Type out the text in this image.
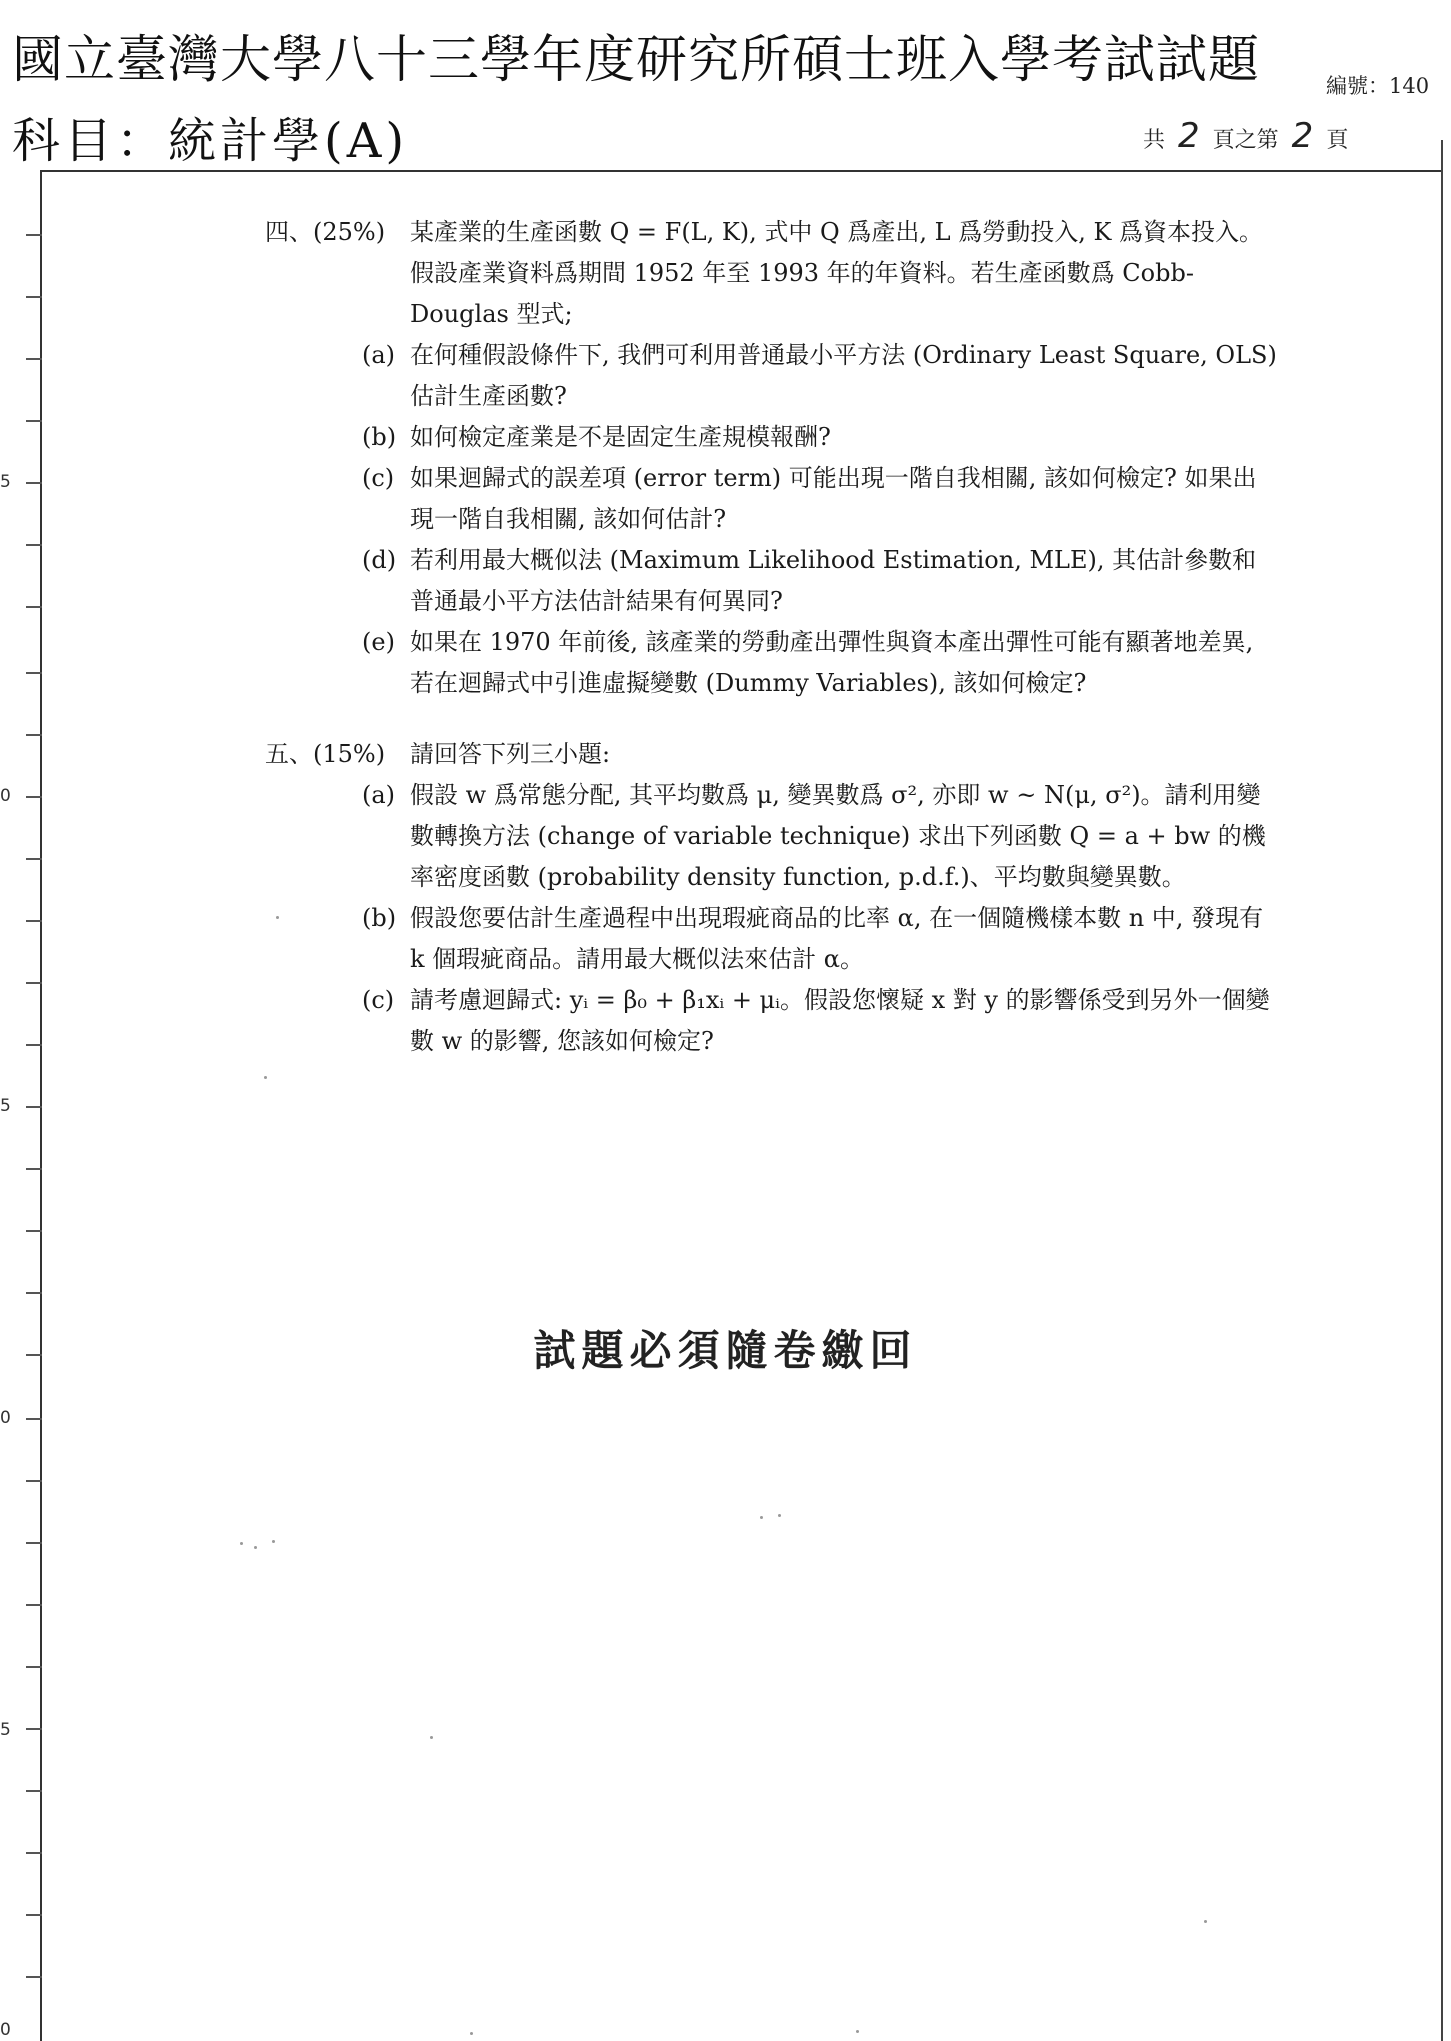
國立臺灣大學八十三學年度研究所碩士班入學考試試題
科目：統計學(A)
編號：140
共 2 頁之第 2 頁
5
0
5
0
5
0
四、(25%)	某產業的生產函數 Q = F(L, K), 式中 Q 爲產出, L 爲勞動投入, K 爲資本投入。假設產業資料爲期間 1952 年至 1993 年的年資料。若生產函數爲 Cobb-Douglas 型式;
(a) 在何種假設條件下, 我們可利用普通最小平方法 (Ordinary Least Square, OLS) 估計生產函數?
(b) 如何檢定產業是不是固定生產規模報酬?
(c) 如果迴歸式的誤差項 (error term) 可能出現一階自我相關, 該如何檢定? 如果出現一階自我相關, 該如何估計?
(d) 若利用最大概似法 (Maximum Likelihood Estimation, MLE), 其估計參數和普通最小平方法估計結果有何異同?
(e) 如果在 1970 年前後, 該產業的勞動產出彈性與資本產出彈性可能有顯著地差異, 若在迴歸式中引進虛擬變數 (Dummy Variables), 該如何檢定?
五、(15%)	請回答下列三小題:
(a) 假設 w 爲常態分配, 其平均數爲 μ, 變異數爲 σ², 亦即 w ~ N(μ, σ²)。請利用變數轉換方法 (change of variable technique) 求出下列函數 Q = a + bw 的機率密度函數 (probability density function, p.d.f.)、平均數與變異數。
(b) 假設您要估計生產過程中出現瑕疵商品的比率 α, 在一個隨機樣本數 n 中, 發現有 k 個瑕疵商品。請用最大概似法來估計 α。
(c) 請考慮迴歸式: yᵢ = β₀ + β₁xᵢ + μᵢ。假設您懷疑 x 對 y 的影響係受到另外一個變數 w 的影響, 您該如何檢定?
試題必須隨卷繳回
